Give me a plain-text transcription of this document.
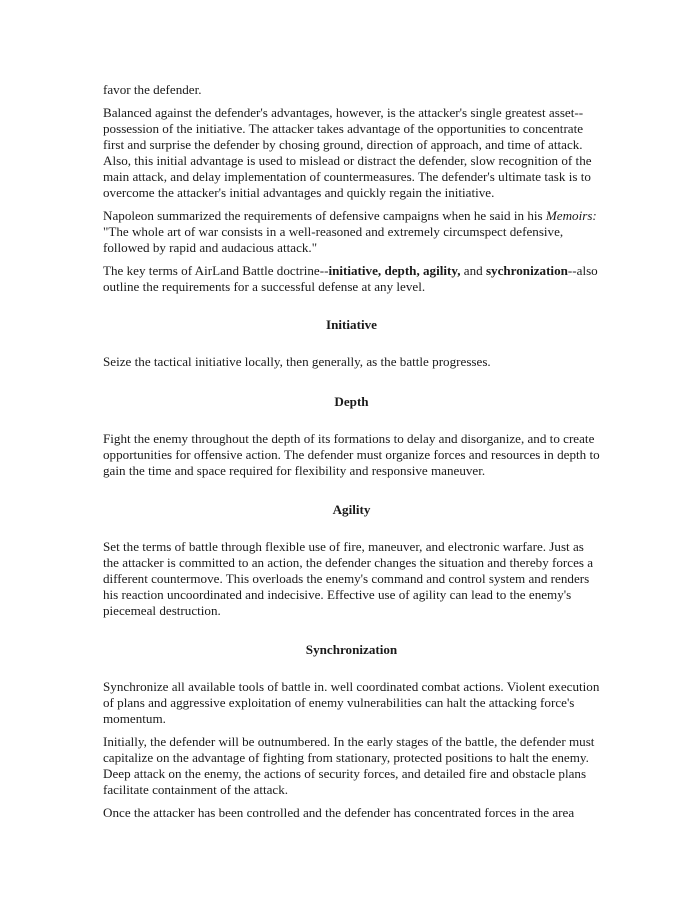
favor the defender.

Balanced against the defender's advantages, however, is the attacker's single greatest asset--possession of the initiative. The attacker takes advantage of the opportunities to concentrate first and surprise the defender by chosing ground, direction of approach, and time of attack. Also, this initial advantage is used to mislead or distract the defender, slow recognition of the main attack, and delay implementation of countermeasures. The defender's ultimate task is to overcome the attacker's initial advantages and quickly regain the initiative.

Napoleon summarized the requirements of defensive campaigns when he said in his Memoirs: "The whole art of war consists in a well-reasoned and extremely circumspect defensive, followed by rapid and audacious attack."

The key terms of AirLand Battle doctrine--initiative, depth, agility, and sychronization--also outline the requirements for a successful defense at any level.

Initiative

Seize the tactical initiative locally, then generally, as the battle progresses.

Depth

Fight the enemy throughout the depth of its formations to delay and disorganize, and to create opportunities for offensive action. The defender must organize forces and resources in depth to gain the time and space required for flexibility and responsive maneuver.

Agility

Set the terms of battle through flexible use of fire, maneuver, and electronic warfare. Just as the attacker is committed to an action, the defender changes the situation and thereby forces a different countermove. This overloads the enemy's command and control system and renders his reaction uncoordinated and indecisive. Effective use of agility can lead to the enemy's piecemeal destruction.

Synchronization

Synchronize all available tools of battle in. well coordinated combat actions. Violent execution of plans and aggressive exploitation of enemy vulnerabilities can halt the attacking force's momentum.

Initially, the defender will be outnumbered. In the early stages of the battle, the defender must capitalize on the advantage of fighting from stationary, protected positions to halt the enemy. Deep attack on the enemy, the actions of security forces, and detailed fire and obstacle plans facilitate containment of the attack.

Once the attacker has been controlled and the defender has concentrated forces in the area
